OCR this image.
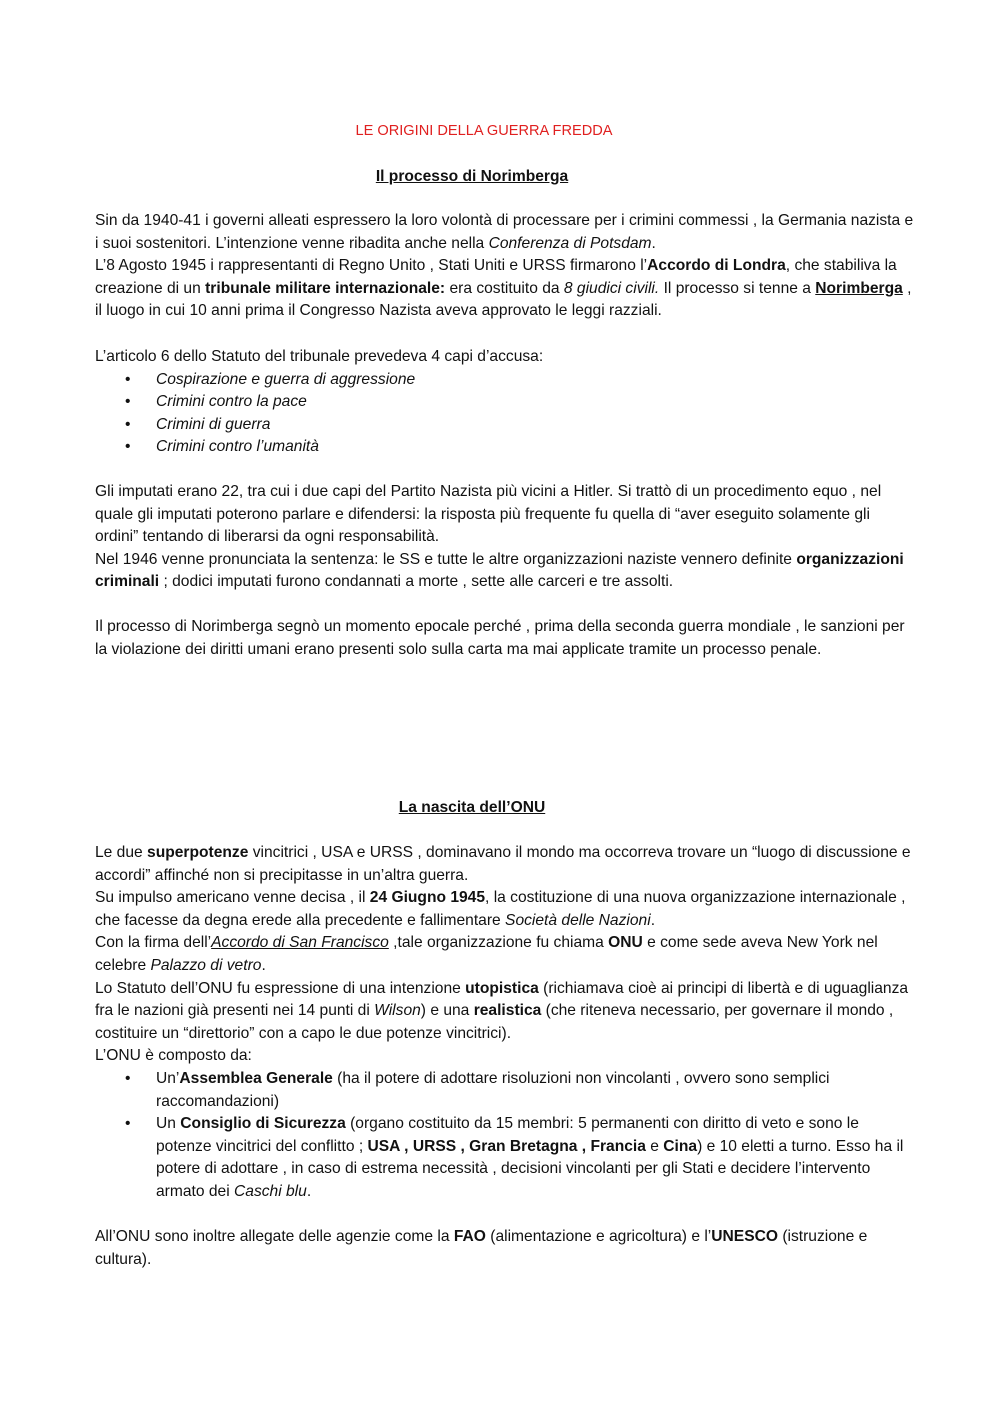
LE ORIGINI DELLA GUERRA FREDDA
Il processo di Norimberga

Sin da 1940-41 i governi alleati espressero la loro volontà di processare per i crimini commessi , la Germania nazista e i suoi sostenitori. L’intenzione venne ribadita anche nella Conferenza di Potsdam.

L’8 Agosto 1945 i rappresentanti di Regno Unito , Stati Uniti e URSS firmarono l’Accordo di Londra, che stabiliva la creazione di un tribunale militare internazionale: era costituito da 8 giudici civili. Il processo si tenne a Norimberga , il luogo in cui 10 anni prima il Congresso Nazista aveva approvato le leggi razziali.

L’articolo 6 dello Statuto del tribunale prevedeva 4 capi d’accusa:

• Cospirazione e guerra di aggressione
• Crimini contro la pace
• Crimini di guerra
• Crimini contro l’umanità

Gli imputati erano 22, tra cui i due capi del Partito Nazista più vicini a Hitler. Si trattò di un procedimento equo , nel quale gli imputati poterono parlare e difendersi: la risposta più frequente fu quella di “aver eseguito solamente gli ordini” tentando di liberarsi da ogni responsabilità.

Nel 1946 venne pronunciata la sentenza: le SS e tutte le altre organizzazioni naziste vennero definite organizzazioni criminali ; dodici imputati furono condannati a morte , sette alle carceri e tre assolti.

Il processo di Norimberga segnò un momento epocale perché , prima della seconda guerra mondiale , le sanzioni per la violazione dei diritti umani erano presenti solo sulla carta ma mai applicate tramite un processo penale.

La nascita dell’ONU

Le due superpotenze vincitrici , USA e URSS , dominavano il mondo ma occorreva trovare un “luogo di discussione e accordi” affinché non si precipitasse in un’altra guerra.

Su impulso americano venne decisa , il 24 Giugno 1945, la costituzione di una nuova organizzazione internazionale , che facesse da degna erede alla precedente e fallimentare Società delle Nazioni.

Con la firma dell’Accordo di San Francisco ,tale organizzazione fu chiama ONU e come sede aveva New York nel celebre Palazzo di vetro.

Lo Statuto dell’ONU fu espressione di una intenzione utopistica (richiamava cioè ai principi di libertà e di uguaglianza fra le nazioni già presenti nei 14 punti di Wilson) e una realistica (che riteneva necessario, per governare il mondo , costituire un “direttorio” con a capo le due potenze vincitrici).

L’ONU è composto da:

• Un’Assemblea Generale (ha il potere di adottare risoluzioni non vincolanti , ovvero sono semplici raccomandazioni)
• Un Consiglio di Sicurezza (organo costituito da 15 membri: 5 permanenti con diritto di veto e sono le potenze vincitrici del conflitto ; USA , URSS , Gran Bretagna , Francia e Cina) e 10 eletti a turno. Esso ha il potere di adottare , in caso di estrema necessità , decisioni vincolanti per gli Stati e decidere l’intervento armato dei Caschi blu.

All’ONU sono inoltre allegate delle agenzie come la FAO (alimentazione e agricoltura) e l’UNESCO (istruzione e cultura).
